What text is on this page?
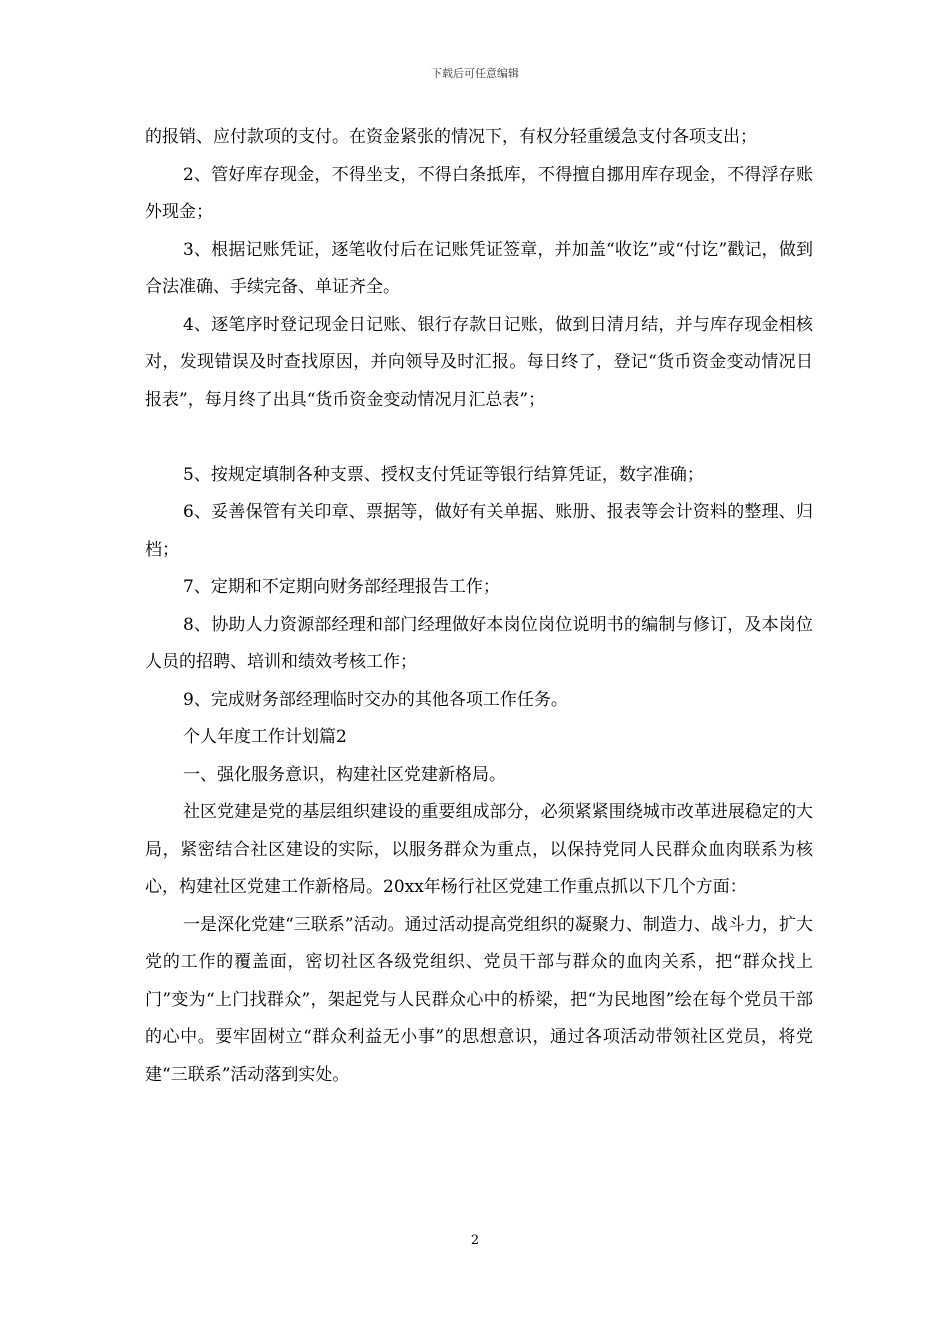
下载后可任意编辑

的报销、应付款项的支付。在资金紧张的情况下，有权分轻重缓急支付各项支出；

2、管好库存现金，不得坐支，不得白条抵库，不得擅自挪用库存现金，不得浮存账外现金；

3、根据记账凭证，逐笔收付后在记账凭证签章，并加盖“收讫”或“付讫”戳记，做到合法准确、手续完备、单证齐全。

4、逐笔序时登记现金日记账、银行存款日记账，做到日清月结，并与库存现金相核对，发现错误及时查找原因，并向领导及时汇报。每日终了，登记“货币资金变动情况日报表”，每月终了出具“货币资金变动情况月汇总表”；

5、按规定填制各种支票、授权支付凭证等银行结算凭证，数字准确；

6、妥善保管有关印章、票据等，做好有关单据、账册、报表等会计资料的整理、归档；

7、定期和不定期向财务部经理报告工作；

8、协助人力资源部经理和部门经理做好本岗位岗位说明书的编制与修订，及本岗位人员的招聘、培训和绩效考核工作；

9、完成财务部经理临时交办的其他各项工作任务。

个人年度工作计划篇2

一、强化服务意识，构建社区党建新格局。

社区党建是党的基层组织建设的重要组成部分，必须紧紧围绕城市改革进展稳定的大局，紧密结合社区建设的实际，以服务群众为重点，以保持党同人民群众血肉联系为核心，构建社区党建工作新格局。20xx年杨行社区党建工作重点抓以下几个方面：

一是深化党建“三联系”活动。通过活动提高党组织的凝聚力、制造力、战斗力，扩大党的工作的覆盖面，密切社区各级党组织、党员干部与群众的血肉关系，把“群众找上门”变为“上门找群众”，架起党与人民群众心中的桥梁，把“为民地图”绘在每个党员干部的心中。要牢固树立“群众利益无小事”的思想意识，通过各项活动带领社区党员，将党建“三联系”活动落到实处。

2
